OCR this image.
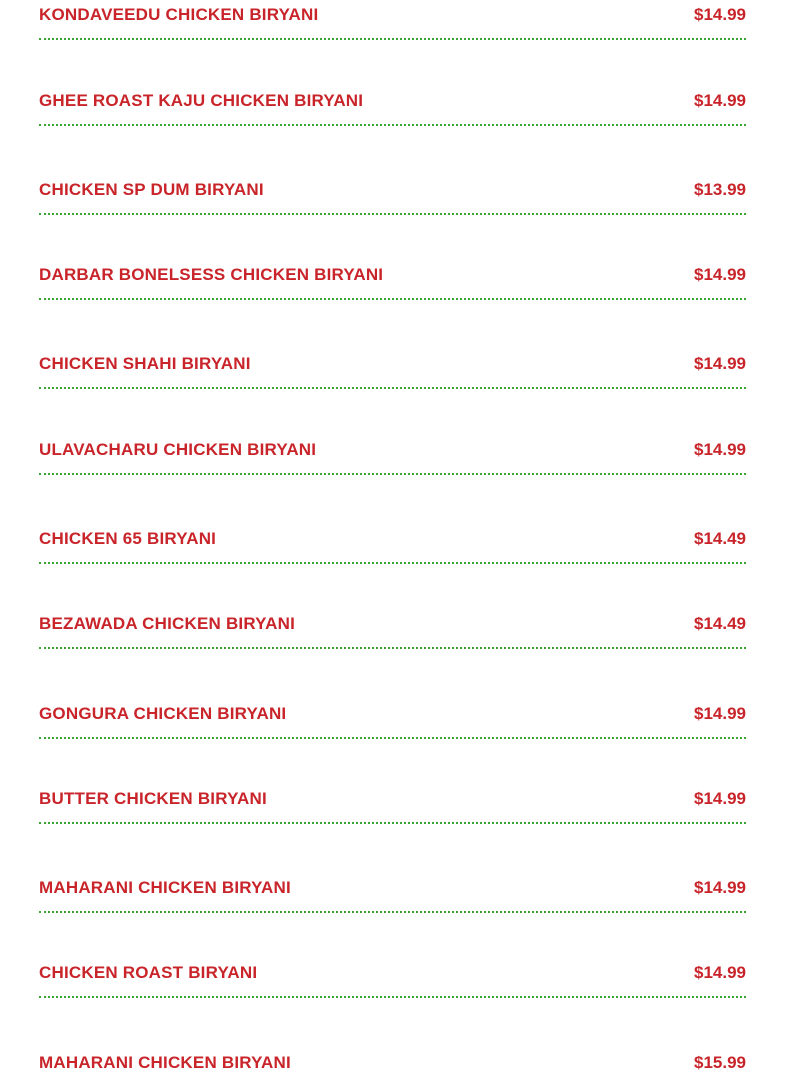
KONDAVEEDU CHICKEN BIRYANI	$14.99
GHEE ROAST KAJU CHICKEN BIRYANI	$14.99
CHICKEN SP DUM BIRYANI	$13.99
DARBAR BONELSESS CHICKEN BIRYANI	$14.99
CHICKEN SHAHI BIRYANI	$14.99
ULAVACHARU CHICKEN BIRYANI	$14.99
CHICKEN 65 BIRYANI	$14.49
BEZAWADA CHICKEN BIRYANI	$14.49
GONGURA CHICKEN BIRYANI	$14.99
BUTTER CHICKEN BIRYANI	$14.99
MAHARANI CHICKEN BIRYANI	$14.99
CHICKEN ROAST BIRYANI	$14.99
MAHARANI CHICKEN BIRYANI	$15.99
